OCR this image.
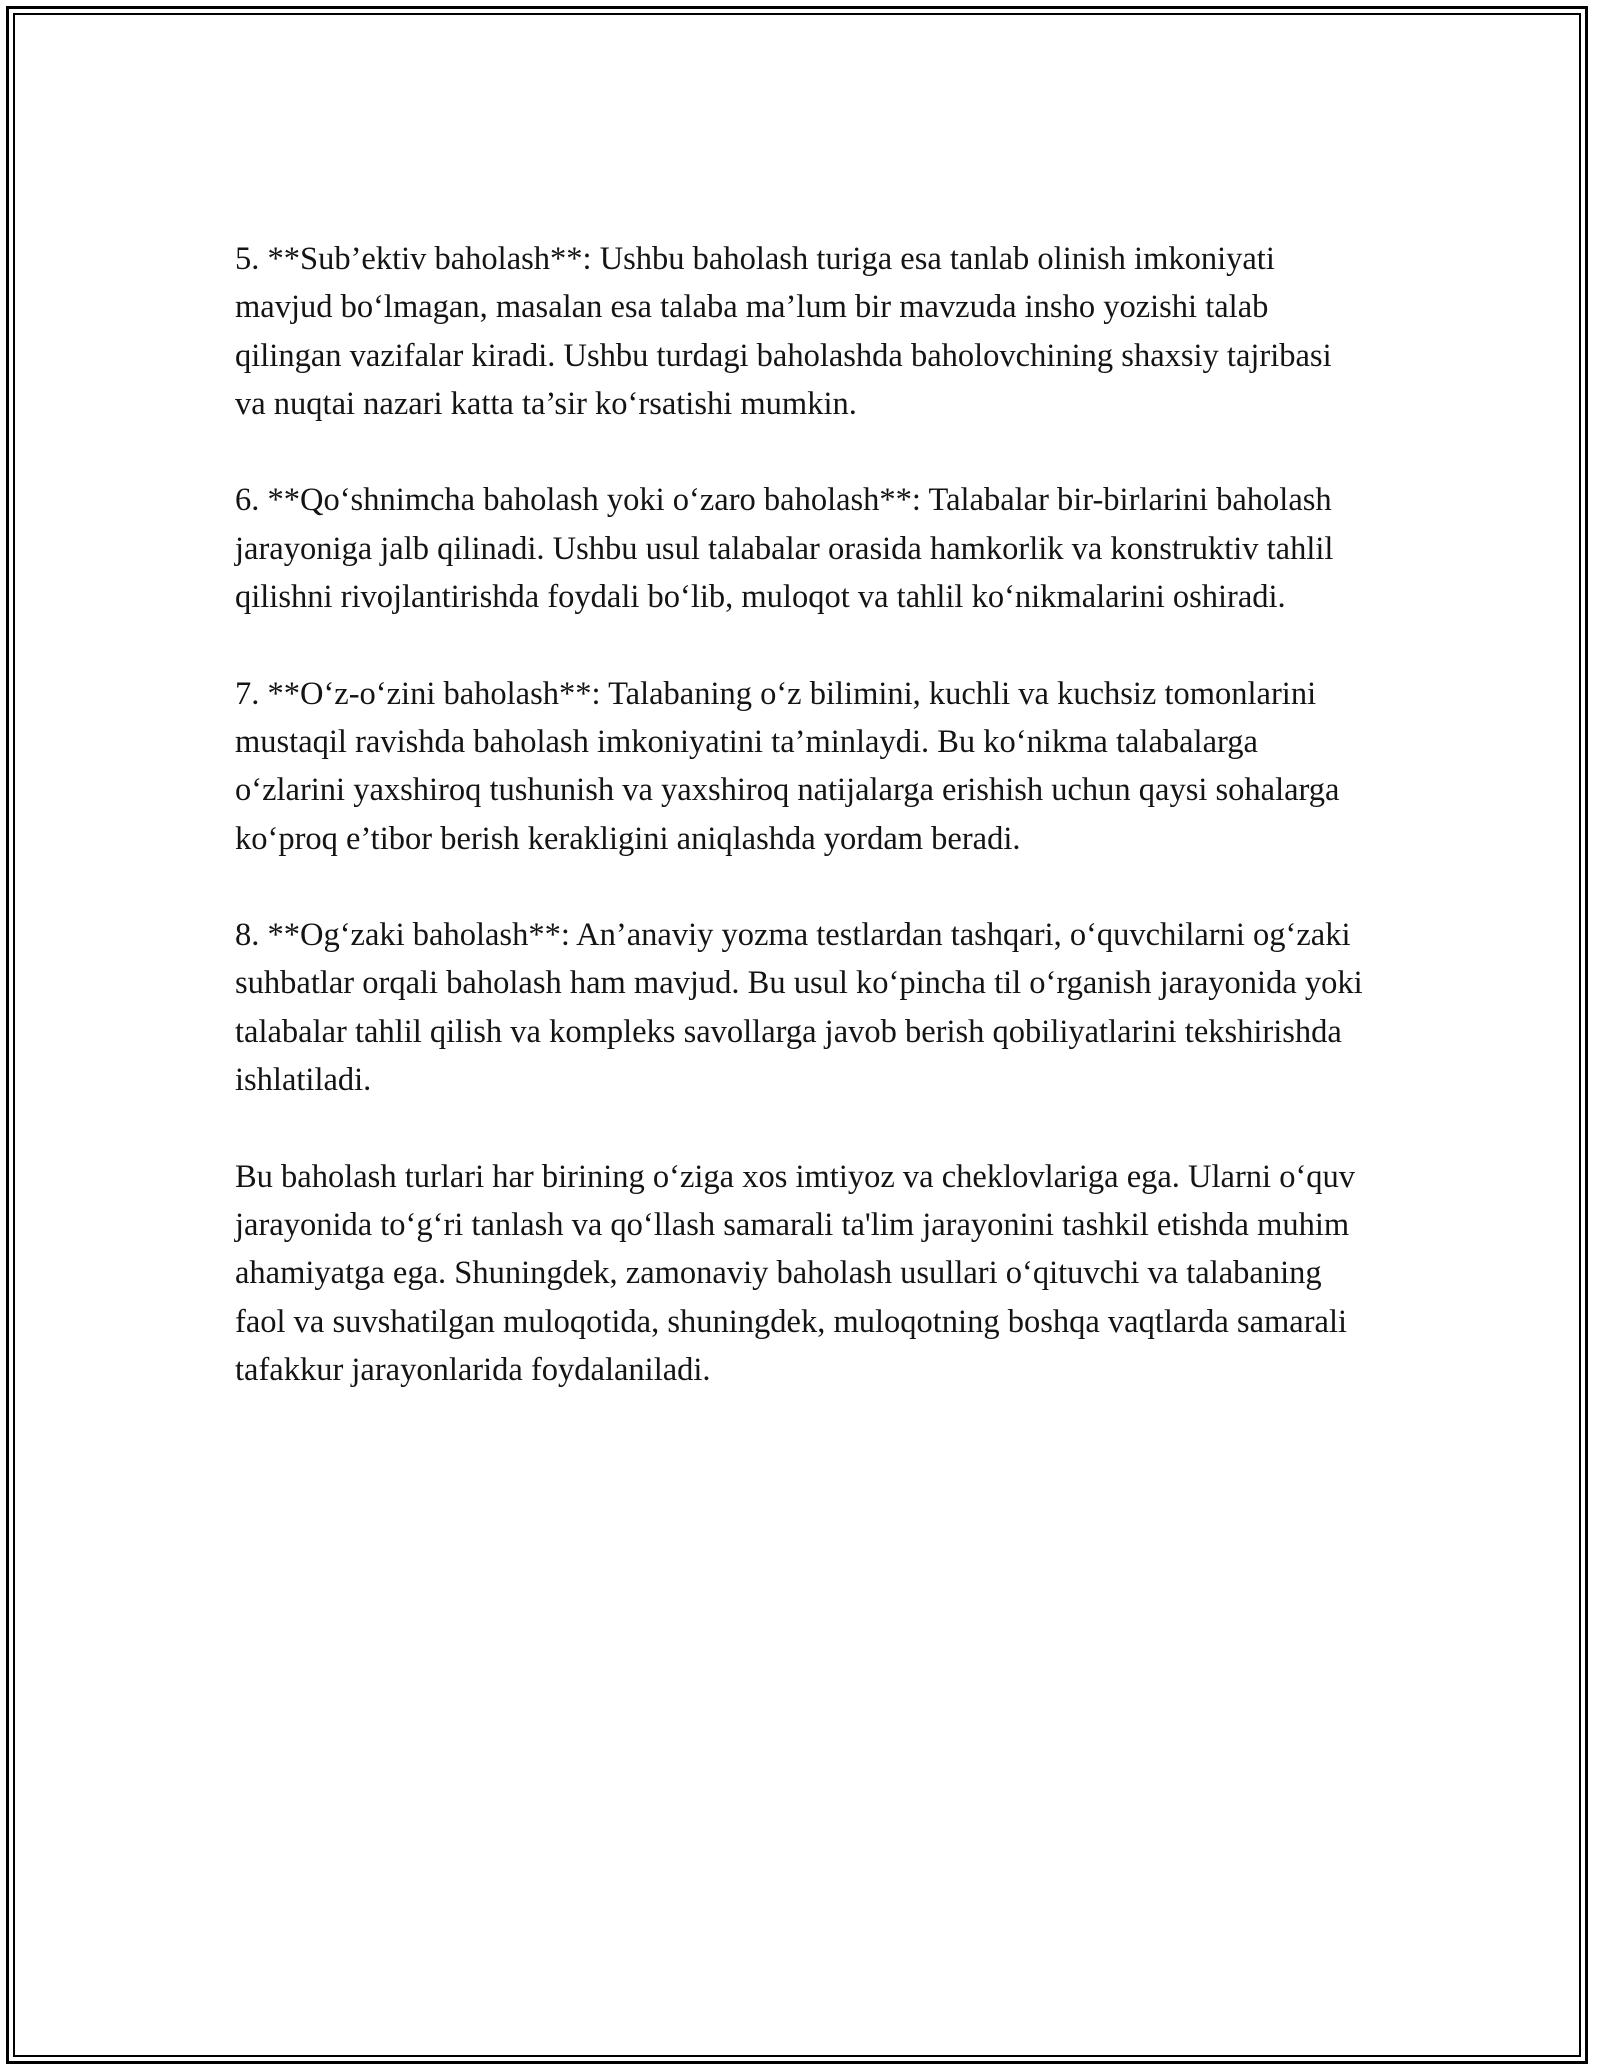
5. **Sub’ektiv baholash**: Ushbu baholash turiga esa tanlab olinish imkoniyati mavjud bo‘lmagan, masalan esa talaba ma’lum bir mavzuda insho yozishi talab qilingan vazifalar kiradi. Ushbu turdagi baholashda baholovchining shaxsiy tajribasi va nuqtai nazari katta ta’sir ko‘rsatishi mumkin.

6. **Qo‘shnimcha baholash yoki o‘zaro baholash**: Talabalar bir-birlarini baholash jarayoniga jalb qilinadi. Ushbu usul talabalar orasida hamkorlik va konstruktiv tahlil qilishni rivojlantirishda foydali bo‘lib, muloqot va tahlil ko‘nikmalarini oshiradi.

7. **O‘z-o‘zini baholash**: Talabaning o‘z bilimini, kuchli va kuchsiz tomonlarini mustaqil ravishda baholash imkoniyatini ta’minlaydi. Bu ko‘nikma talabalarga o‘zlarini yaxshiroq tushunish va yaxshiroq natijalarga erishish uchun qaysi sohalarga ko‘proq e’tibor berish kerakligini aniqlashda yordam beradi.

8. **Og‘zaki baholash**: An’anaviy yozma testlardan tashqari, o‘quvchilarni og‘zaki suhbatlar orqali baholash ham mavjud. Bu usul ko‘pincha til o‘rganish jarayonida yoki talabalar tahlil qilish va kompleks savollarga javob berish qobiliyatlarini tekshirishda ishlatiladi.

Bu baholash turlari har birining o‘ziga xos imtiyoz va cheklovlariga ega. Ularni o‘quv jarayonida to‘g‘ri tanlash va qo‘llash samarali ta'lim jarayonini tashkil etishda muhim ahamiyatga ega. Shuningdek, zamonaviy baholash usullari o‘qituvchi va talabaning faol va suvshatilgan muloqotida, shuningdek, muloqotning boshqa vaqtlarda samarali tafakkur jarayonlarida foydalaniladi.
